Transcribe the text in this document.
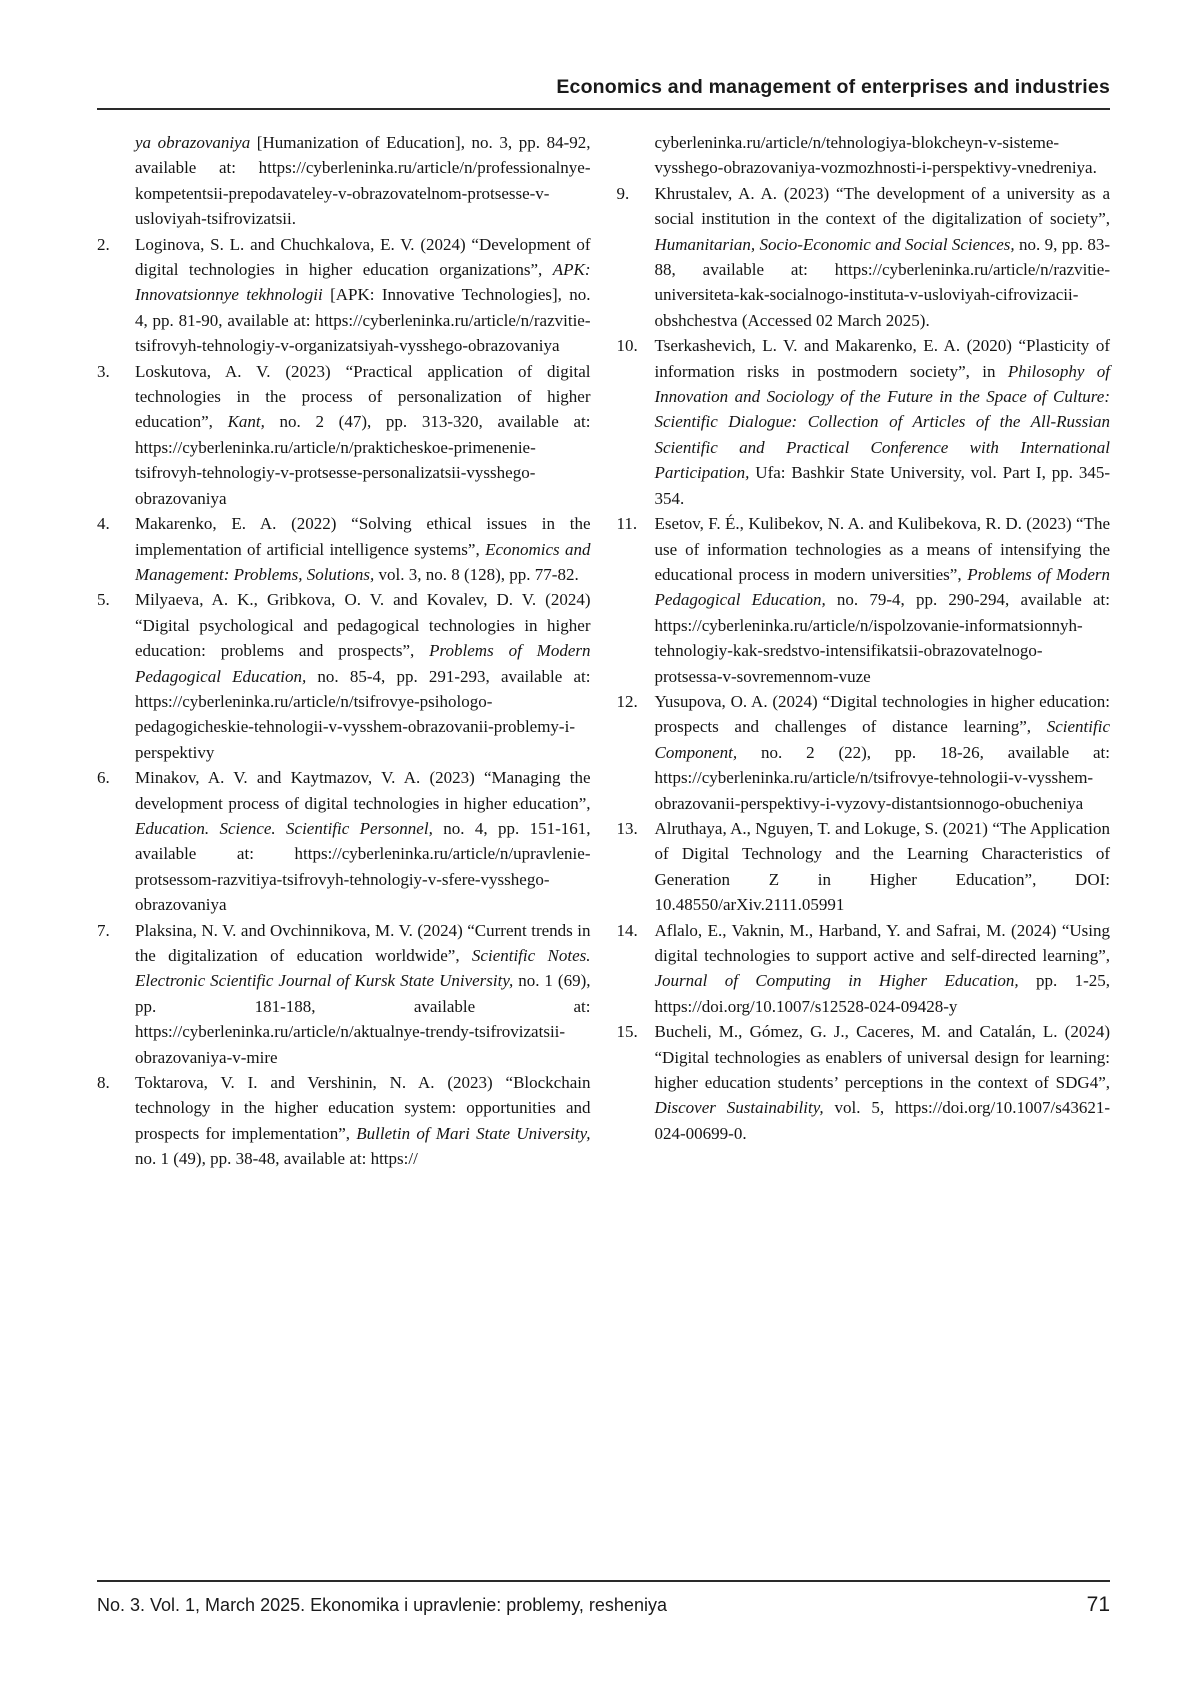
Economics and management of enterprises and industries
ya obrazovaniya [Humanization of Education], no. 3, pp. 84-92, available at: https://cyberleninka.ru/article/n/professionalnye-kompetentsii-prepodavateley-v-obrazovatelnom-protsesse-v-usloviyah-tsifrovizatsii.
2.	Loginova, S. L. and Chuchkalova, E. V. (2024) “Development of digital technologies in higher education organizations”, APK: Innovatsionnye tekhnologii [APK: Innovative Technologies], no. 4, pp. 81-90, available at: https://cyberleninka.ru/article/n/razvitie-tsifrovyh-tehnologiy-v-organizatsiyah-vysshego-obrazovaniya
3.	Loskutova, A. V. (2023) “Practical application of digital technologies in the process of personalization of higher education”, Kant, no. 2 (47), pp. 313-320, available at: https://cyberleninka.ru/article/n/prakticheskoe-primenenie-tsifrovyh-tehnologiy-v-protsesse-personalizatsii-vysshego-obrazovaniya
4.	Makarenko, E. A. (2022) “Solving ethical issues in the implementation of artificial intelligence systems”, Economics and Management: Problems, Solutions, vol. 3, no. 8 (128), pp. 77-82.
5.	Milyaeva, A. K., Gribkova, O. V. and Kovalev, D. V. (2024) “Digital psychological and pedagogical technologies in higher education: problems and prospects”, Problems of Modern Pedagogical Education, no. 85-4, pp. 291-293, available at: https://cyberleninka.ru/article/n/tsifrovye-psihologo-pedagogicheskie-tehnologii-v-vysshem-obrazovanii-problemy-i-perspektivy
6.	Minakov, A. V. and Kaytmazov, V. A. (2023) “Managing the development process of digital technologies in higher education”, Education. Science. Scientific Personnel, no. 4, pp. 151-161, available at: https://cyberleninka.ru/article/n/upravlenie-protsessom-razvitiya-tsifrovyh-tehnologiy-v-sfere-vysshego-obrazovaniya
7.	Plaksina, N. V. and Ovchinnikova, M. V. (2024) “Current trends in the digitalization of education worldwide”, Scientific Notes. Electronic Scientific Journal of Kursk State University, no. 1 (69), pp. 181-188, available at: https://cyberleninka.ru/article/n/aktualnye-trendy-tsifrovizatsii-obrazovaniya-v-mire
8.	Toktarova, V. I. and Vershinin, N. A. (2023) “Blockchain technology in the higher education system: opportunities and prospects for implementation”, Bulletin of Mari State University, no. 1 (49), pp. 38-48, available at: https://
cyberleninka.ru/article/n/tehnologiya-blokcheyn-v-sisteme-vysshego-obrazovaniya-vozmozhnosti-i-perspektivy-vnedreniya.
9.	Khrustalev, A. A. (2023) “The development of a university as a social institution in the context of the digitalization of society”, Humanitarian, Socio-Economic and Social Sciences, no. 9, pp. 83-88, available at: https://cyberleninka.ru/article/n/razvitie-universiteta-kak-socialnogo-instituta-v-usloviyah-cifrovizacii-obshchestva (Accessed 02 March 2025).
10. Tserkashevich, L. V. and Makarenko, E. A. (2020) “Plasticity of information risks in postmodern society”, in Philosophy of Innovation and Sociology of the Future in the Space of Culture: Scientific Dialogue: Collection of Articles of the All-Russian Scientific and Practical Conference with International Participation, Ufa: Bashkir State University, vol. Part I, pp. 345-354.
11.	Esetov, F. É., Kulibekov, N. A. and Kulibekova, R. D. (2023) “The use of information technologies as a means of intensifying the educational process in modern universities”, Problems of Modern Pedagogical Education, no. 79-4, pp. 290-294, available at: https://cyberleninka.ru/article/n/ispolzovanie-informatsionnyh-tehnologiy-kak-sredstvo-intensifikatsii-obrazovatelnogo-protsessa-v-sovremennom-vuze
12. Yusupova, O. A. (2024) “Digital technologies in higher education: prospects and challenges of distance learning”, Scientific Component, no. 2 (22), pp. 18-26, available at: https://cyberleninka.ru/article/n/tsifrovye-tehnologii-v-vysshem-obrazovanii-perspektivy-i-vyzovy-distantsionnogo-obucheniya
13. Alruthaya, A., Nguyen, T. and Lokuge, S. (2021) “The Application of Digital Technology and the Learning Characteristics of Generation Z in Higher Education”, DOI: 10.48550/arXiv.2111.05991
14. Aflalo, E., Vaknin, M., Harband, Y. and Safrai, M. (2024) “Using digital technologies to support active and self-directed learning”, Journal of Computing in Higher Education, pp. 1-25, https://doi.org/10.1007/s12528-024-09428-y
15. Bucheli, M., Gómez, G. J., Caceres, M. and Catalán, L. (2024) “Digital technologies as enablers of universal design for learning: higher education students’ perceptions in the context of SDG4”, Discover Sustainability, vol. 5, https://doi.org/10.1007/s43621-024-00699-0.
No. 3. Vol. 1, March 2025. Ekonomika i upravlenie: problemy, resheniya	71
